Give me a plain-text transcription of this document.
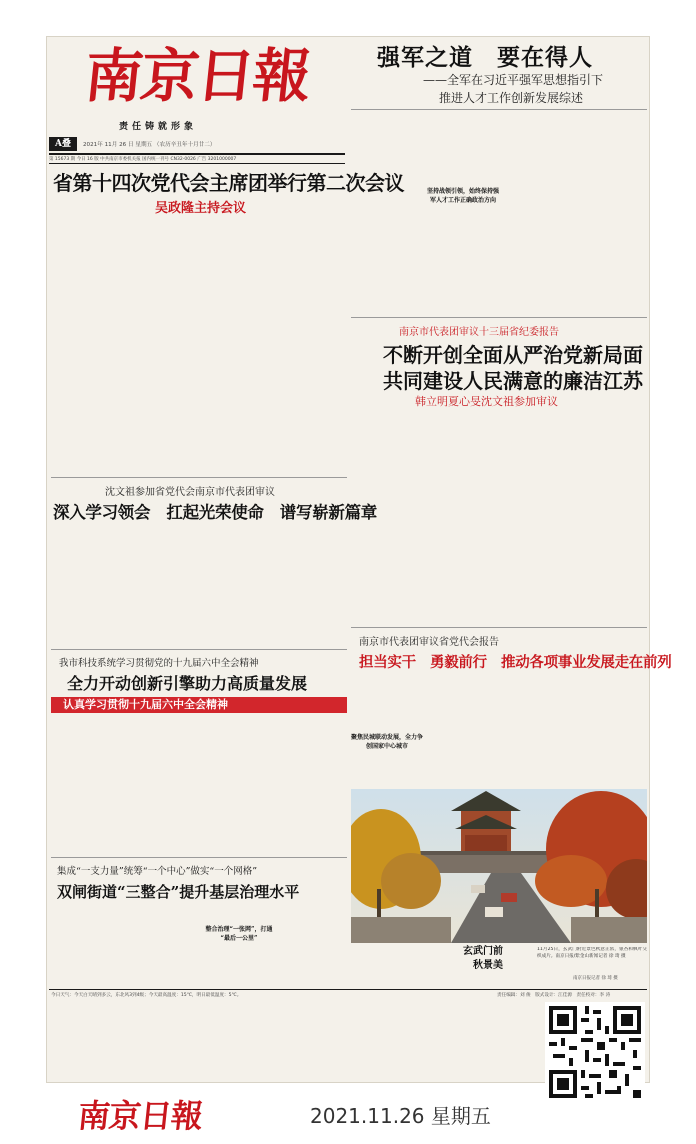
南京日報
责任铸就形象
A叠	2021年 11月 26 日 星期五 （农历辛丑年十月廿二）
第 15673 期 今日 16 版 中共南京市委机关报 国内统一刊号 CN32-0026 广告 3201000007
强军之道　要在得人
——全军在习近平强军思想指引下
推进人才工作创新发展综述
坚持战领引领，始终保持强
军人才工作正确政治方向
省第十四次党代会主席团举行第二次会议
吴政隆主持会议
南京市代表团审议十三届省纪委报告
不断开创全面从严治党新局面
共同建设人民满意的廉洁江苏
韩立明夏心旻沈文祖参加审议
沈文祖参加省党代会南京市代表团审议
深入学习领会　扛起光荣使命　谱写崭新篇章
南京市代表团审议省党代会报告
担当实干　勇毅前行　推动各项事业发展走在前列
聚焦民城联动发展，全力争
创国家中心城市
我市科技系统学习贯彻党的十九届六中全会精神
全力开动创新引擎助力高质量发展
认真学习贯彻十九届六中全会精神
玄武门前
秋景美
11月25日，玄武门附近景色秋意正浓，银杏和枫叶交织成片。南京日报/紫金山新闻记者 徐 琦 摄
南京日报记者 徐 琦 摄
集成“一支力量”统筹“一个中心”做实“一个网格”
双闸街道“三整合”提升基层治理水平
整合治理“一张网”，打通
“最后一公里”
今日天气：今天白天晴到多云，东北风3到4级；今天最高温度：15℃，明日最低温度：5℃。	责任编辑：刘 俊　版式设计：江佳源　责任校对：李 涛
南京日報	2021.11.26 星期五
